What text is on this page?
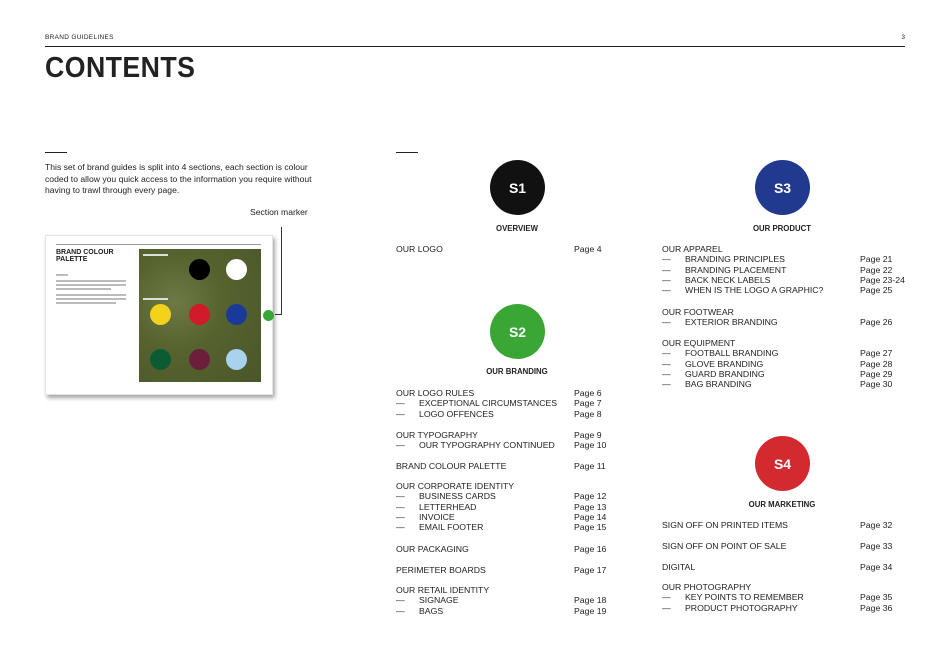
BRAND GUIDELINES	3
CONTENTS
This set of brand guides is split into 4 sections, each section is colour coded to allow you quick access to the information you require without having to trawl through every page.
Section marker
BRAND COLOUR
PALETTE
S1
OVERVIEW
S2
OUR BRANDING
S3
OUR PRODUCT
S4
OUR MARKETING
OUR LOGO	Page 4
OUR LOGO RULES	Page 6
— EXCEPTIONAL CIRCUMSTANCES	Page 7
— LOGO OFFENCES	Page 8
OUR TYPOGRAPHY	Page 9
— OUR TYPOGRAPHY CONTINUED	Page 10
BRAND COLOUR PALETTE	Page 11
OUR CORPORATE IDENTITY
— BUSINESS CARDS	Page 12
— LETTERHEAD	Page 13
— INVOICE	Page 14
— EMAIL FOOTER	Page 15
OUR PACKAGING	Page 16
PERIMETER BOARDS	Page 17
OUR RETAIL IDENTITY
— SIGNAGE	Page 18
— BAGS	Page 19
OUR APPAREL
— BRANDING PRINCIPLES	Page 21
— BRANDING PLACEMENT	Page 22
— BACK NECK LABELS	Page 23-24
— WHEN IS THE LOGO A GRAPHIC?	Page 25
OUR FOOTWEAR
— EXTERIOR BRANDING	Page 26
OUR EQUIPMENT
— FOOTBALL BRANDING	Page 27
— GLOVE BRANDING	Page 28
— GUARD BRANDING	Page 29
— BAG BRANDING	Page 30
SIGN OFF ON PRINTED ITEMS	Page 32
SIGN OFF ON POINT OF SALE	Page 33
DIGITAL	Page 34
OUR PHOTOGRAPHY
— KEY POINTS TO REMEMBER	Page 35
— PRODUCT PHOTOGRAPHY	Page 36
